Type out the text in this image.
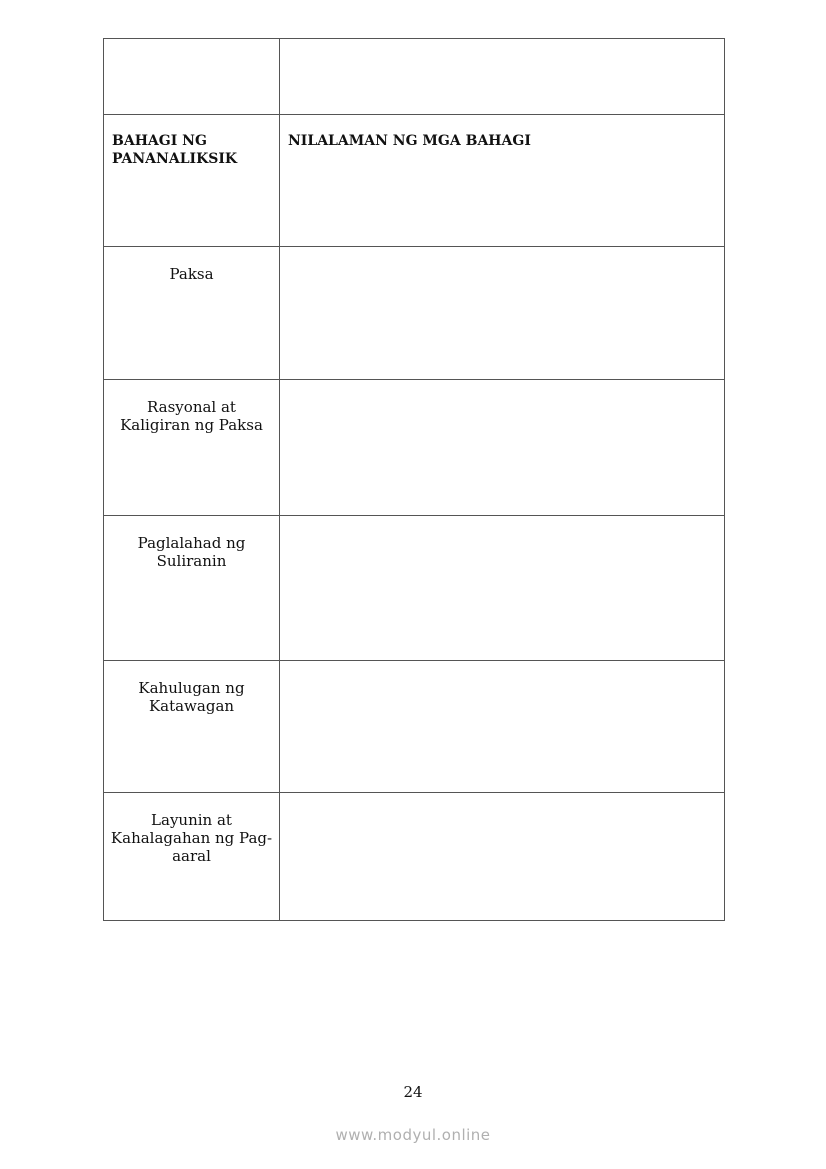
BAHAGI NG PANANALIKSIK	NILALAMAN NG MGA BAHAGI
Paksa	
Rasyonal at Kaligiran ng Paksa	
Paglalahad ng Suliranin	
Kahulugan ng Katawagan	
Layunin at Kahalagahan ng Pag-aaral	
24
www.modyul.online
